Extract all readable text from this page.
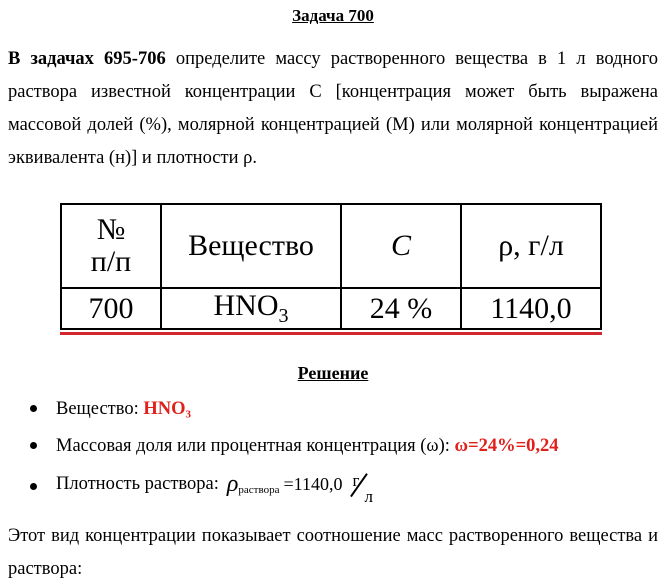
Задача 700
В задачах 695-706 определите массу растворенного вещества в 1 л водного раствора известной концентрации С [концентрация может быть выражена массовой долей (%), молярной концентрацией (М) или молярной концентрацией эквивалента (н)] и плотности ρ.
№
п/п	Вещество	C	ρ, г/л
700	$HNO_3$	24 %	1140,0
Решение
Вещество: HNO₃
Массовая доля или процентная концентрация (ω): ω=24%=0,24
Плотность раствора: ρ раствора =1140,0 г
л
Этот вид концентрации показывает соотношение масс растворенного вещества и раствора:
